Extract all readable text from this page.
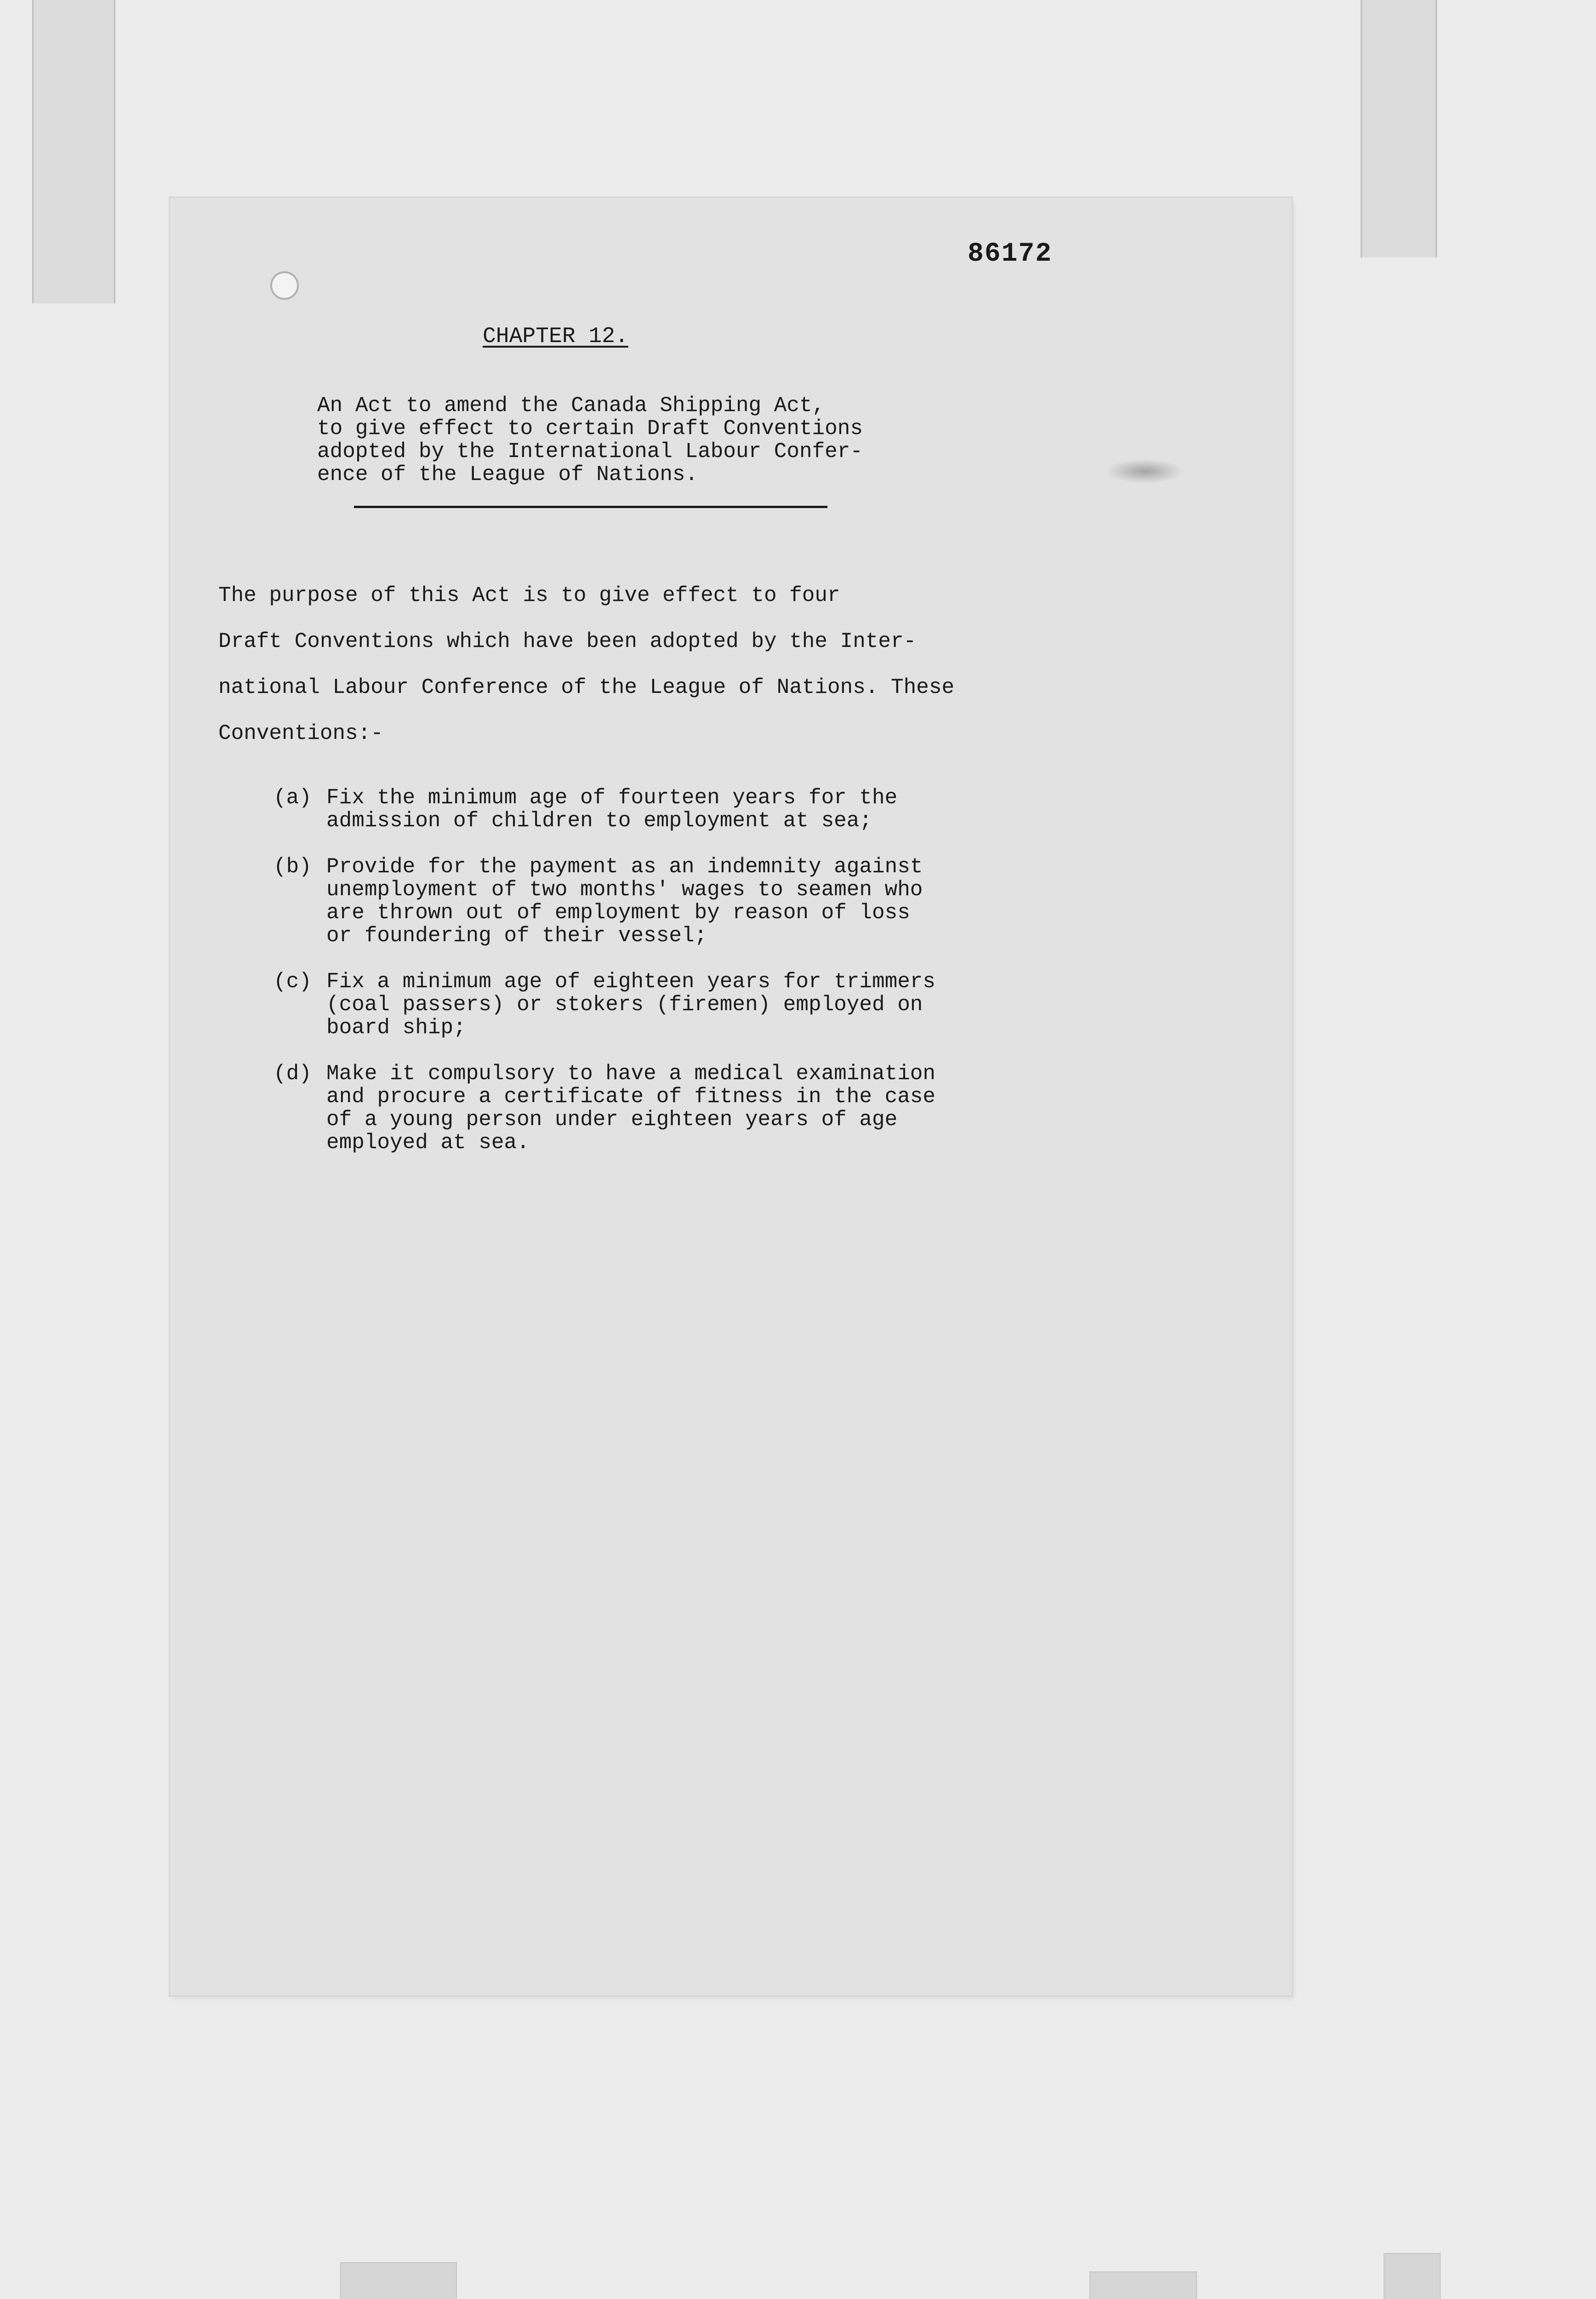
86172
CHAPTER 12.
An Act to amend the Canada Shipping Act,
to give effect to certain Draft Conventions
adopted by the International Labour Confer-
ence of the League of Nations.
The purpose of this Act is to give effect to four
Draft Conventions which have been adopted by the Inter-
national Labour Conference of the League of Nations. These
Conventions:-
(a) Fix the minimum age of fourteen years for the
admission of children to employment at sea;
(b) Provide for the payment as an indemnity against
unemployment of two months' wages to seamen who
are thrown out of employment by reason of loss
or foundering of their vessel;
(c) Fix a minimum age of eighteen years for trimmers
(coal passers) or stokers (firemen) employed on
board ship;
(d) Make it compulsory to have a medical examination
and procure a certificate of fitness in the case
of a young person under eighteen years of age
employed at sea.
